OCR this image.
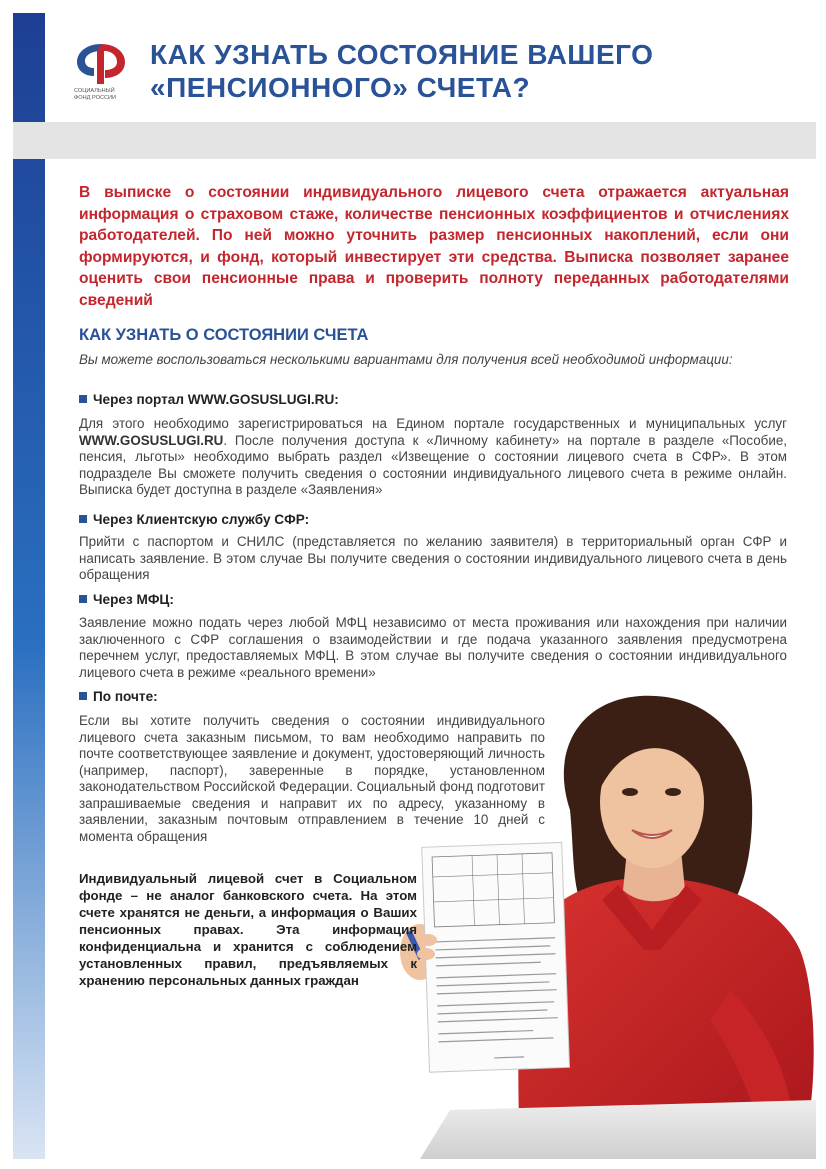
СОЦИАЛЬНЫЙ
ФОНД РОССИИ
КАК УЗНАТЬ СОСТОЯНИЕ ВАШЕГО
«ПЕНСИОННОГО» СЧЕТА?
В выписке о состоянии индивидуального лицевого счета отражается актуальная информация о страховом стаже, количестве пенсионных коэффициентов и отчислениях работодателей. По ней можно уточнить размер пенсионных накоплений, если они формируются, и фонд, который инвестирует эти средства. Выписка позволяет заранее оценить свои пенсионные права и проверить полноту переданных работодателями сведений
КАК УЗНАТЬ О СОСТОЯНИИ СЧЕТА
Вы можете воспользоваться несколькими вариантами для получения всей необходимой информации:
Через портал WWW.GOSUSLUGI.RU:
Для этого необходимо зарегистрироваться на Едином портале государственных и муниципальных услуг WWW.GOSUSLUGI.RU. После получения доступа к «Личному кабинету» на портале в разделе «Пособие, пенсия, льготы» необходимо выбрать раздел «Извещение о состоянии лицевого счета в СФР». В этом подразделе Вы сможете получить сведения о состоянии индивидуального лицевого счета в режиме онлайн. Выписка будет доступна в разделе «Заявления»
Через Клиентскую службу СФР:
Прийти с паспортом и СНИЛС (представляется по желанию заявителя) в территориальный орган СФР и написать заявление. В этом случае Вы получите сведения о состоянии индивидуального лицевого счета в день обращения
Через МФЦ:
Заявление можно подать через любой МФЦ независимо от места проживания или нахождения при наличии заключенного с СФР соглашения о взаимодействии и где подача указанного заявления предусмотрена перечнем услуг, предоставляемых МФЦ. В этом случае вы получите сведения о состоянии индивидуального лицевого счета в режиме «реального времени»
По почте:
Если вы хотите получить сведения о состоянии индивидуального лицевого счета заказным письмом, то вам необходимо направить по почте соответствующее заявление и документ, удостоверяющий личность (например, паспорт), заверенные в порядке, установленном законодательством Российской Федерации. Социальный фонд подготовит запрашиваемые сведения и направит их по адресу, указанному в заявлении, заказным почтовым отправлением в течение 10 дней с момента обращения
Индивидуальный лицевой счет в Социальном фонде – не аналог банковского счета. На этом счете хранятся не деньги, а информация о Ваших пенсионных правах. Эта информация конфиденциальна и хранится с соблюдением установленных правил, предъявляемых к хранению персональных данных граждан
